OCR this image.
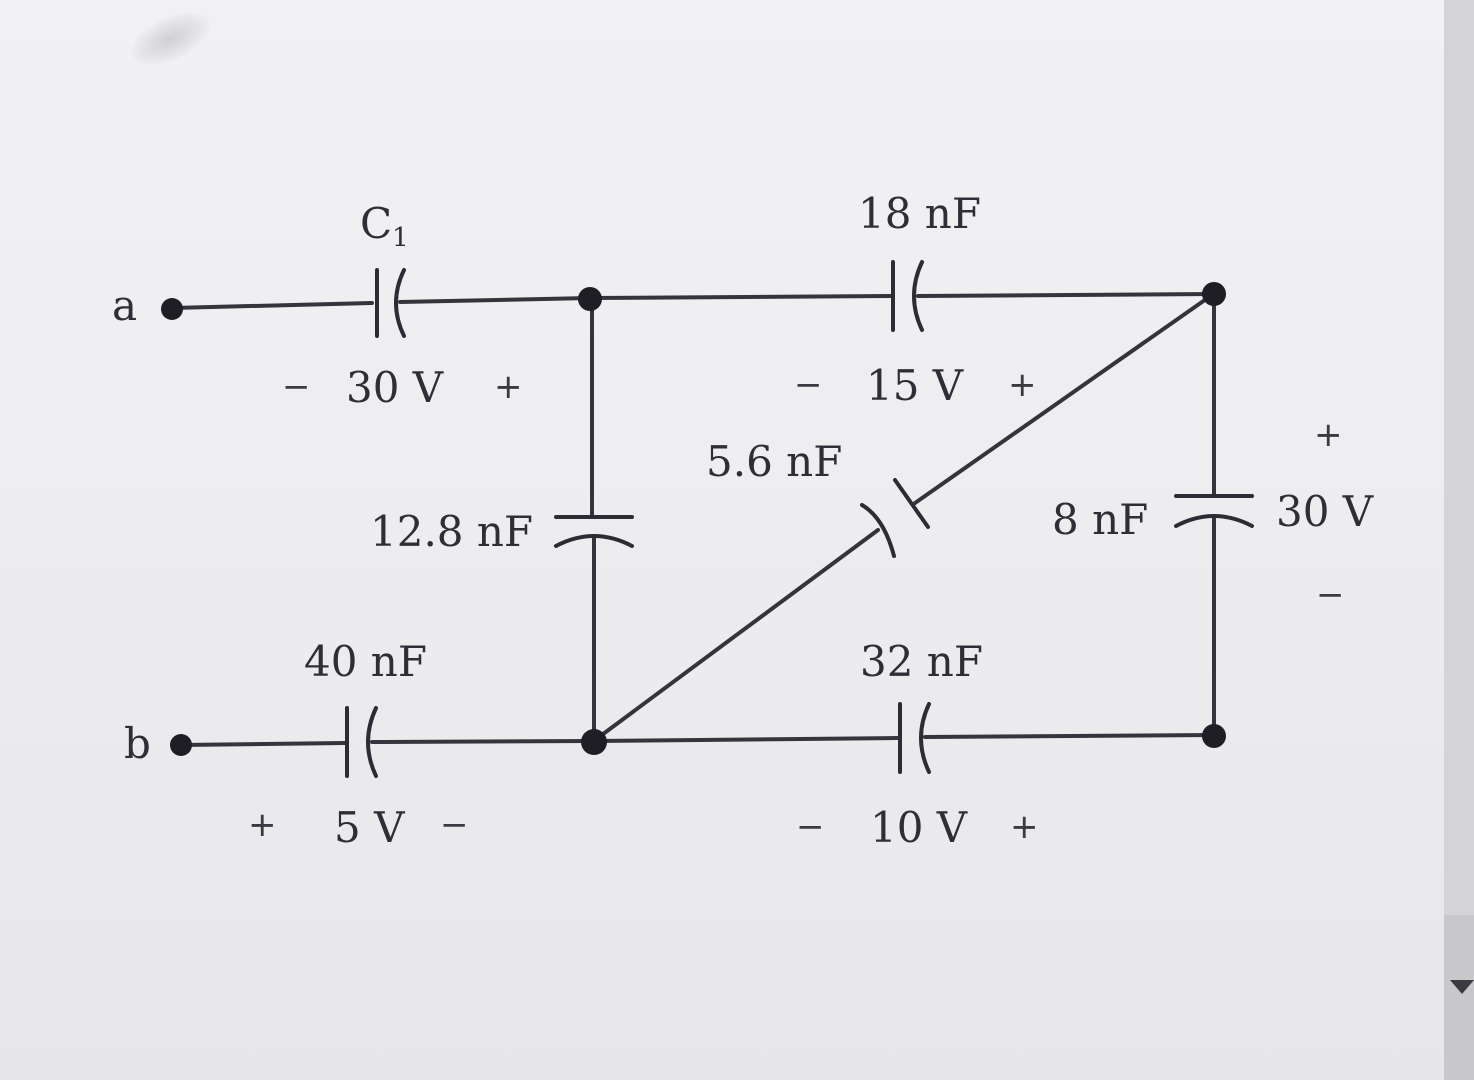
a
b
C1
− 30 V +
18 nF
− 15 V +
5.6 nF
12.8 nF	8 nF
+
30 V
−
40 nF
+ 5 V −
32 nF
− 10 V +
